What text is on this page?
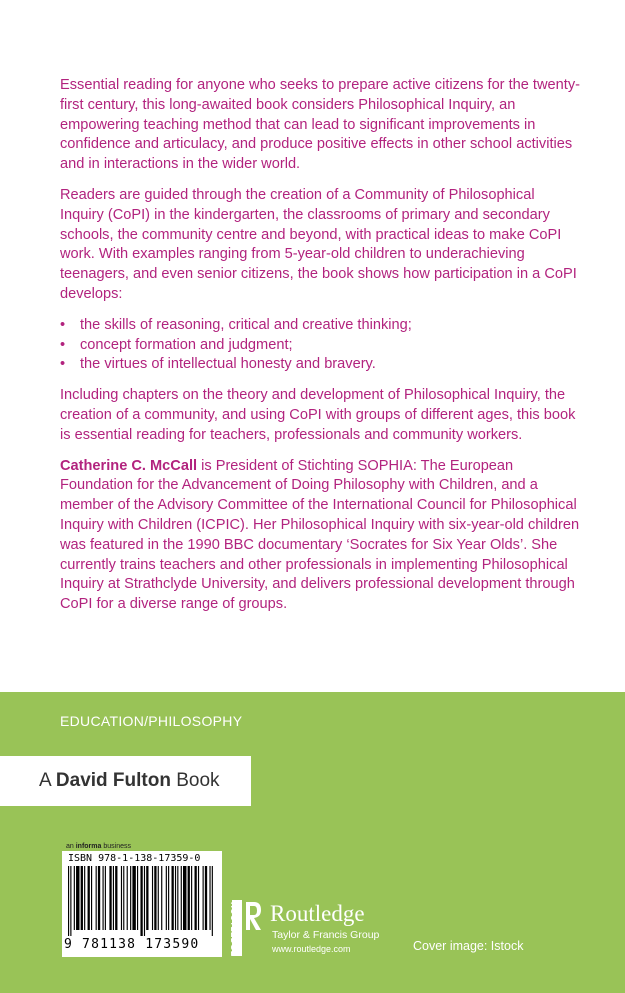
Essential reading for anyone who seeks to prepare active citizens for the twenty-first century, this long-awaited book considers Philosophical Inquiry, an empowering teaching method that can lead to significant improvements in confidence and articulacy, and produce positive effects in other school activities and in interactions in the wider world.

Readers are guided through the creation of a Community of Philosophical Inquiry (CoPI) in the kindergarten, the classrooms of primary and secondary schools, the community centre and beyond, with practical ideas to make CoPI work. With examples ranging from 5-year-old children to underachieving teenagers, and even senior citizens, the book shows how participation in a CoPI develops:

• the skills of reasoning, critical and creative thinking;
• concept formation and judgment;
• the virtues of intellectual honesty and bravery.

Including chapters on the theory and development of Philosophical Inquiry, the creation of a community, and using CoPI with groups of different ages, this book is essential reading for teachers, professionals and community workers.

Catherine C. McCall is President of Stichting SOPHIA: The European Foundation for the Advancement of Doing Philosophy with Children, and a member of the Advisory Committee of the International Council for Philosophical Inquiry with Children (ICPIC). Her Philosophical Inquiry with six-year-old children was featured in the 1990 BBC documentary ‘Socrates for Six Year Olds’. She currently trains teachers and other professionals in implementing Philosophical Inquiry at Strathclyde University, and delivers professional development through CoPI for a diverse range of groups.

EDUCATION/PHILOSOPHY
A David Fulton Book
an informa business
ISBN 978-1-138-17359-0
9 781138 173590	ROUTLEDGE Routledge
Taylor & Francis Group
www.routledge.com	Cover image: Istock
